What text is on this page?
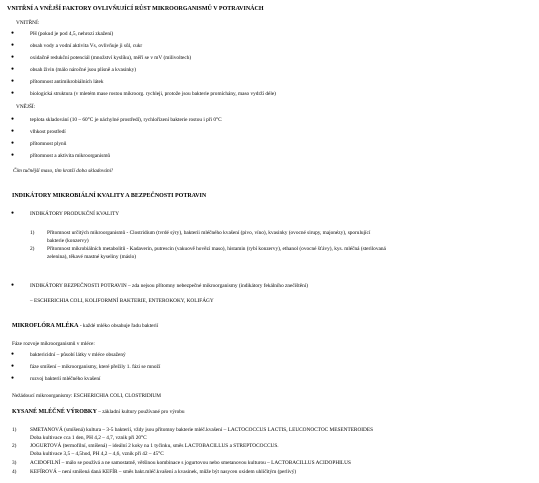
VNITŘNÍ A VNĚJŠÍ FAKTORY OVLIVŇUJÍCÍ RŮST MIKROORGANISMŮ V POTRAVINÁCH
VNITŘNÍ:
●	PH (pokud je pod 4,5, nehrozí zkažení)
●	obsah vody a vodní aktivita Vs, ovlivňuje ji sůl, cukr
●	oxidačně redukční potenciál (množství kyslíku), měří se v mV (milivoltech)
●	obsah živin (málo náročné jsou plísně a kvasinky)
●	přítomnost antimikrobiálních látek
●	biologická struktura (v mletém mase rostou mikroorg. rychleji, protože jsou bakterie promíchány, maso vydrží déle)
VNĚJŠÍ:
●	teplota skladování (10 – 60°C je náchylné prostředí), rychlořízení bakterie rostou i při 0°C
●	vlhkost prostředí
●	přítomnost plynů
●	přítomnost a aktivita mikroorganismů
Čím tučnější maso, tím kratší doba skladování!
INDIKÁTORY MIKROBIÁLNÍ KVALITY A BEZPEČNOSTI POTRAVIN
●	INDIKÁTORY PRODUKČNÍ KVALITY
1) Přítomnost určitých mikroorganismů - Clostridium (tvrdé sýry), bakterii mléčného kvašení (pivo, víno), kvasinky (ovocné sirupy, majonézy), sporulující
bakterie (konzervy)
2) Přítomnost mikrobiálních metabolitů - Kadaverin, putrescin (vakuově hovězí maso), histamin (rybí konzervy), ethanol (ovocné šťávy), kys. mléčná (sterilovaná
zelenina), těkavé mastné kyseliny (máslo)
●	INDIKÁTORY BEZPEČNOSTI POTRAVIN – zda nejsou přítomny nebezpečné mikroorganismy (indikátory fekálního znečištění)
– ESCHERICHIA COLI, KOLIFORMNÍ BAKTERIE, ENTEROKOKY, KOLIFÁGY
MIKROFLÓRA MLÉKA - každé mléko obsahuje řadu bakterií
Fáze rozvoje mikroorganismů v mléce:
●	baktericidní – působí látky v mléce obsažený
●	fáze smíšení – mikroorganismy, které přežily 1. fázi se množí
●	rozvoj bakterií mléčného kvašení
Nežádoucí mikroorganismy: ESCHERICHIA COLI, CLOSTRIDIUM
KYSANÉ MLÉČNÉ VÝROBKY – základní kultury používané pro výrobu
1)	SMETANOVÁ (smíšená) kultura – 3-5 bakterií, vždy jsou přítomny bakterie mléč.kvašení – LACTOCOCCUS LACTIS, LEUCONOCTOC MESENTEROIDES
Doba kultivace cca 1 den, PH 4,2 – 4,7, vznik při 20°C
2)	JOGURTOVÁ (termofilní, smíšená) – ideální 2 koky na 1 tyčinku, směs LACTOBACILLUS a STREPTOCOCCUS.
Doba kultivace 3,5 – 4,5hod, PH 4,2 – 4,6, vznik při 42 – 45°C
3)	ACIDOFILNÍ – málo se používá a ne samostatně, většinou kombinace s jogurtovou nebo smetanovou kulturou – LACTOBACILLUS ACIDOPHILUS
4)	KEFÍROVÁ – není smíšená daná KEFÍR – směs bakt.mléč.kvašení a kvasinek, může být nasycen oxidem uhličitým (perlivý)
